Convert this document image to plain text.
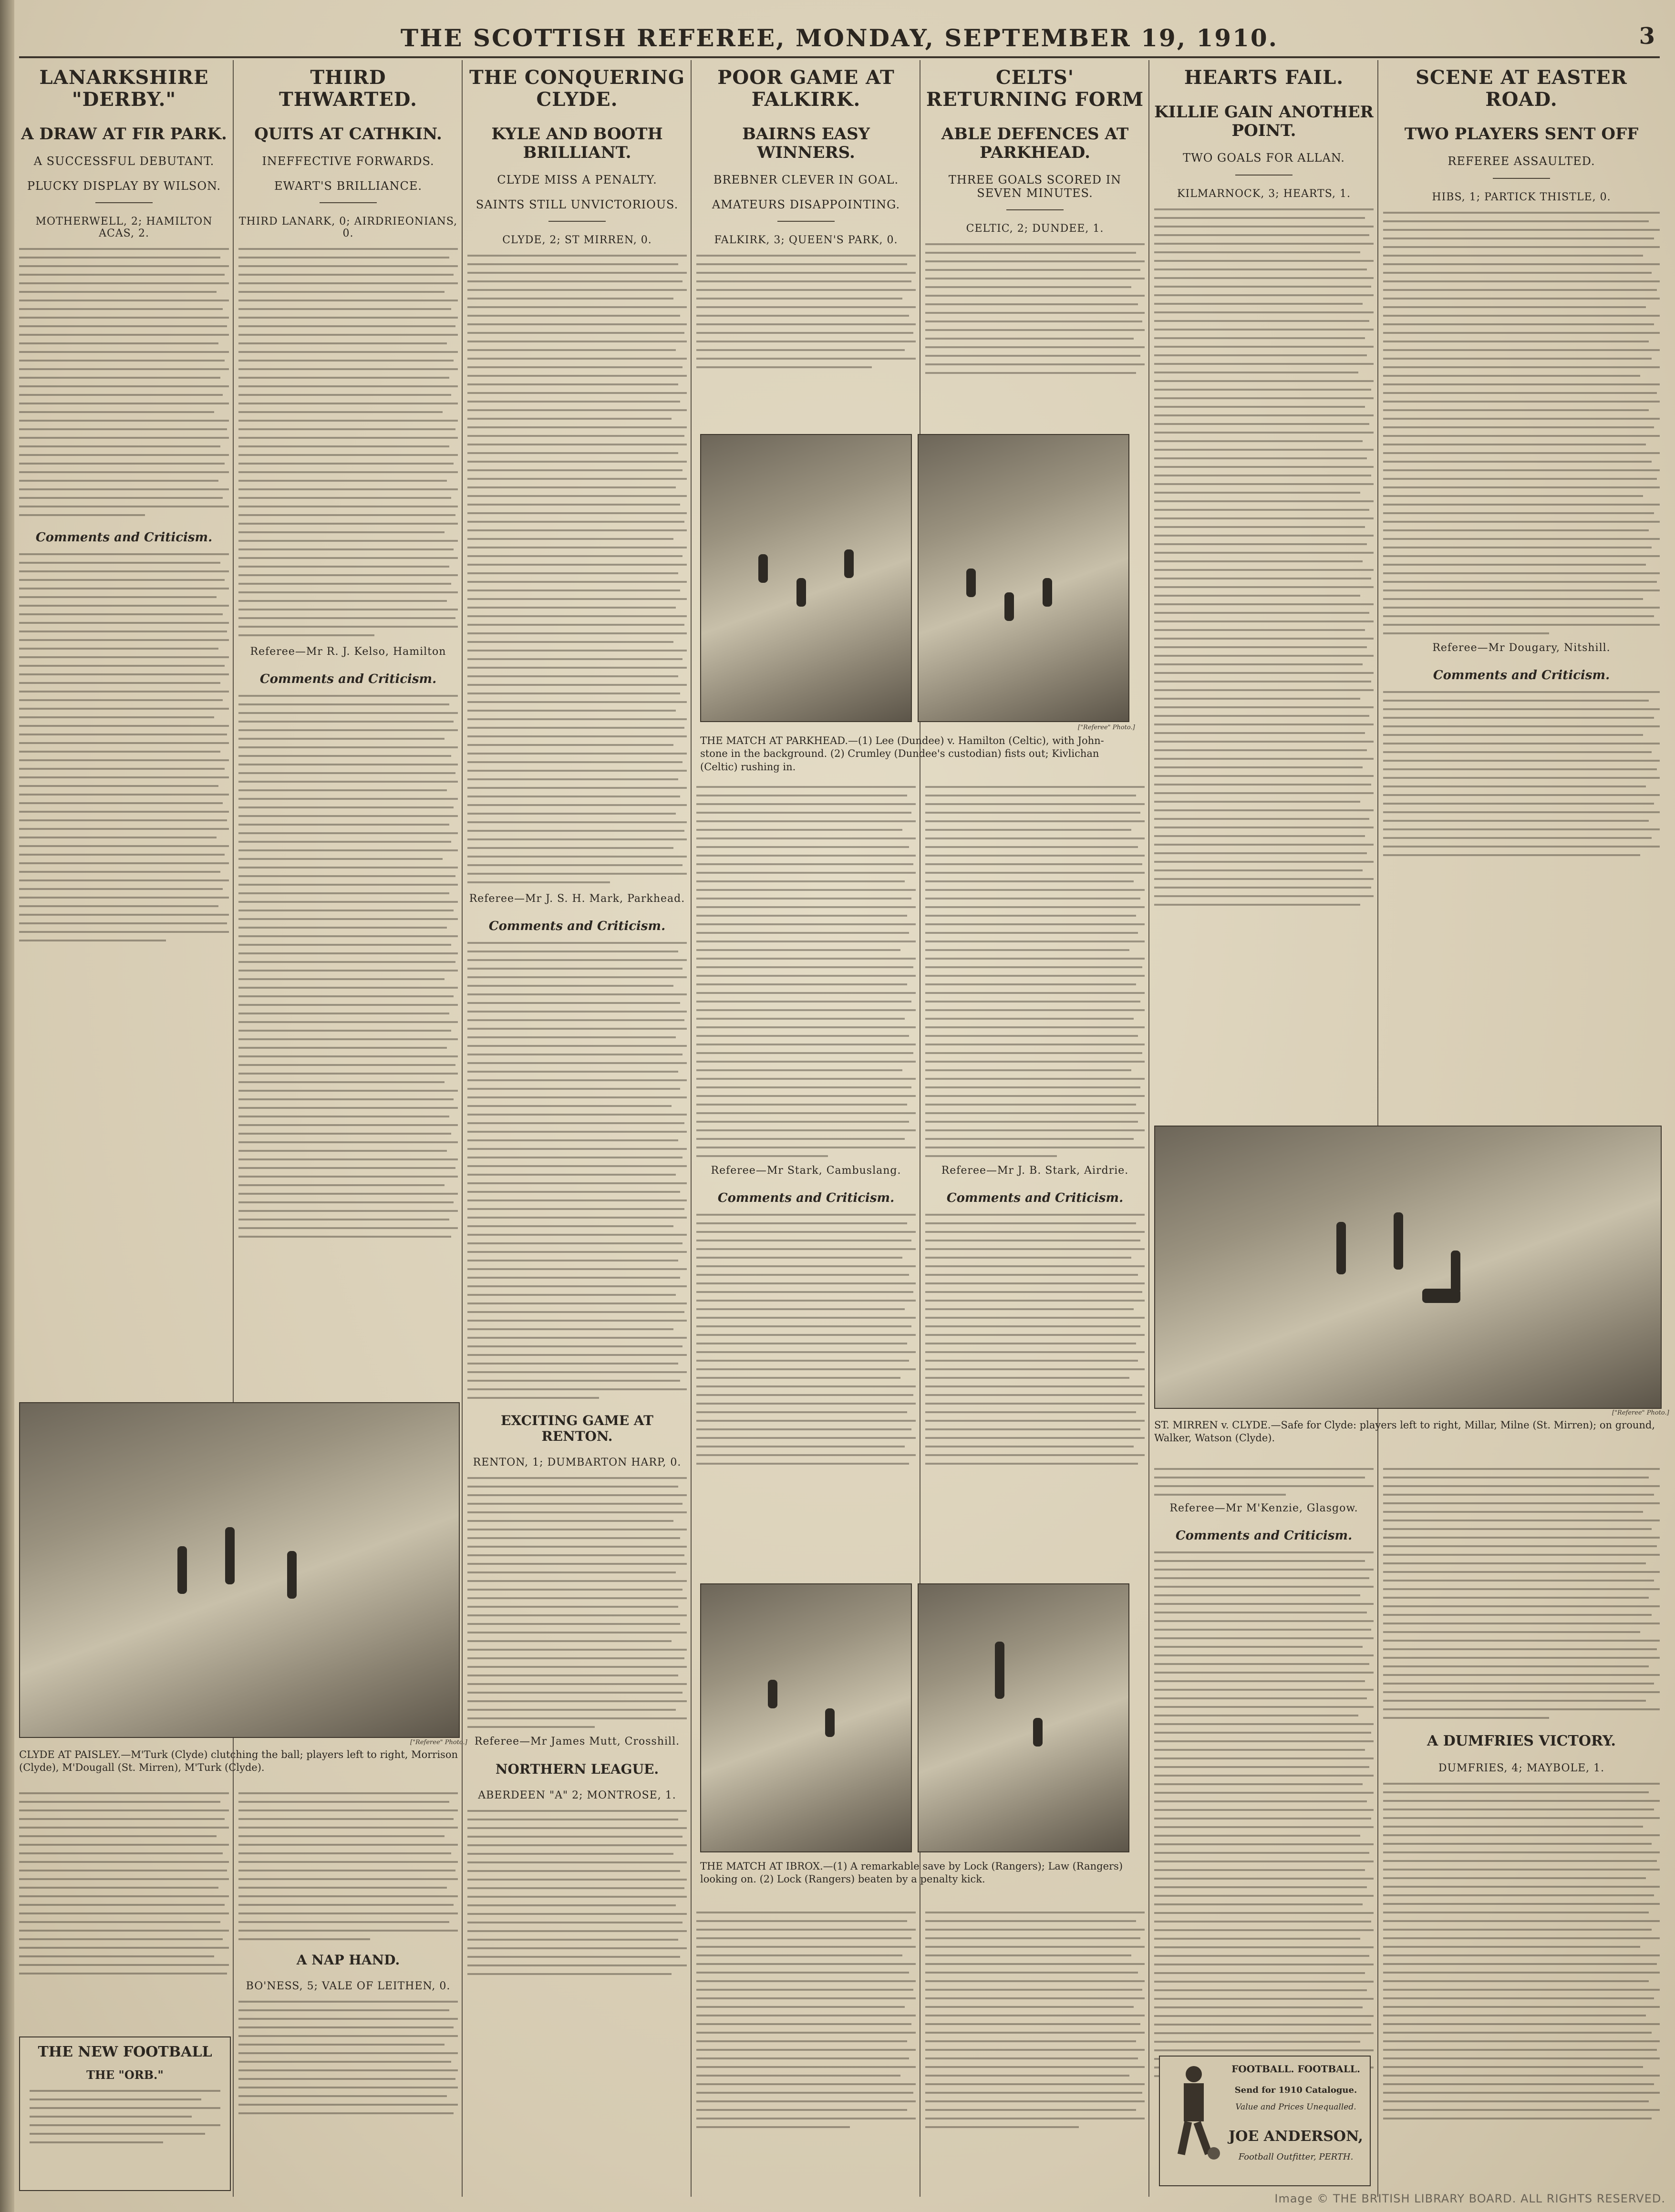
THE SCOTTISH REFEREE, MONDAY, SEPTEMBER 19, 1910.	3
LANARKSHIRE "DERBY."
A DRAW AT FIR PARK.
A SUCCESSFUL DEBUTANT.
PLUCKY DISPLAY BY WILSON.
MOTHERWELL, 2; HAMILTON ACAS, 2.
Comments and Criticism.
THIRD THWARTED.
QUITS AT CATHKIN.
INEFFECTIVE FORWARDS.
EWART'S BRILLIANCE.
THIRD LANARK, 0; AIRDRIEONIANS, 0.
Referee—Mr R. J. Kelso, Hamilton
Comments and Criticism.
THE CONQUERING CLYDE.
KYLE AND BOOTH BRILLIANT.
CLYDE MISS A PENALTY.
SAINTS STILL UNVICTORIOUS.
CLYDE, 2; ST MIRREN, 0.
Referee—Mr J. S. H. Mark, Parkhead.
Comments and Criticism.
EXCITING GAME AT RENTON.
RENTON, 1; DUMBARTON HARP, 0.
Referee—Mr James Mutt, Crosshill.
NORTHERN LEAGUE.
ABERDEEN "A" 2; MONTROSE, 1.
POOR GAME AT FALKIRK.
BAIRNS EASY WINNERS.
BREBNER CLEVER IN GOAL.
AMATEURS DISAPPOINTING.
FALKIRK, 3; QUEEN'S PARK, 0.
CELTS' RETURNING FORM
ABLE DEFENCES AT PARKHEAD.
THREE GOALS SCORED IN SEVEN MINUTES.
CELTIC, 2; DUNDEE, 1.
["Referee" Photo.]
THE MATCH AT PARKHEAD.—(1) Lee (Dundee) v. Hamilton (Celtic), with John-stone in the background. (2) Crumley (Dundee's custodian) fists out; Kivlichan (Celtic) rushing in.
Referee—Mr Stark, Cambuslang.
Comments and Criticism.
Referee—Mr J. B. Stark, Airdrie.
Comments and Criticism.
THE MATCH AT IBROX.—(1) A remarkable save by Lock (Rangers); Law (Rangers) looking on. (2) Lock (Rangers) beaten by a penalty kick.
HEARTS FAIL.
KILLIE GAIN ANOTHER POINT.
TWO GOALS FOR ALLAN.
KILMARNOCK, 3; HEARTS, 1.
SCENE AT EASTER ROAD.
TWO PLAYERS SENT OFF
REFEREE ASSAULTED.
HIBS, 1; PARTICK THISTLE, 0.
Referee—Mr Dougary, Nitshill.
Comments and Criticism.
["Referee" Photo.]
ST. MIRREN v. CLYDE.—Safe for Clyde: players left to right, Millar, Milne (St. Mirren); on ground, Walker, Watson (Clyde).
Referee—Mr M'Kenzie, Glasgow.
Comments and Criticism.
A DUMFRIES VICTORY.
DUMFRIES, 4; MAYBOLE, 1.
["Referee" Photo.]
CLYDE AT PAISLEY.—M'Turk (Clyde) clutching the ball; players left to right, Morrison (Clyde), M'Dougall (St. Mirren), M'Turk (Clyde).
A NAP HAND.
BO'NESS, 5; VALE OF LEITHEN, 0.
THE NEW FOOTBALL
THE "ORB."	FOOTBALL. FOOTBALL.
Send for 1910 Catalogue.
Value and Prices Unequalled.
JOE ANDERSON,
Football Outfitter, PERTH.
Image © THE BRITISH LIBRARY BOARD. ALL RIGHTS RESERVED.
